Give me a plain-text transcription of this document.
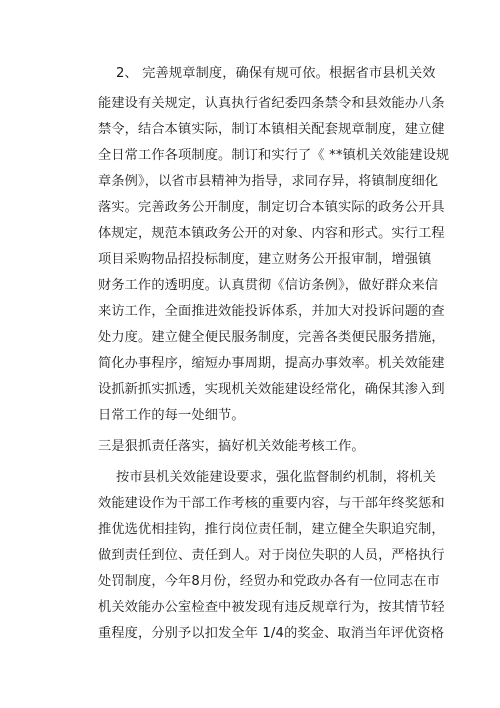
2、 完善规章制度，确保有规可依。根据省市县机关效
能建设有关规定，认真执行省纪委四条禁令和县效能办八条
禁令，结合本镇实际，制订本镇相关配套规章制度，建立健
全日常工作各项制度。制订和实行了《 **镇机关效能建设规
章条例》，以省市县精神为指导，求同存异，将镇制度细化
落实。完善政务公开制度，制定切合本镇实际的政务公开具
体规定，规范本镇政务公开的对象、内容和形式。实行工程
项目采购物品招投标制度，建立财务公开报审制，增强镇
财务工作的透明度。认真贯彻《信访条例》，做好群众来信
来访工作，全面推进效能投诉体系，并加大对投诉问题的查
处力度。建立健全便民服务制度，完善各类便民服务措施，
简化办事程序，缩短办事周期，提高办事效率。机关效能建
设抓新抓实抓透，实现机关效能建设经常化，确保其渗入到
日常工作的每一处细节。
三是狠抓责任落实，搞好机关效能考核工作。
按市县机关效能建设要求，强化监督制约机制，将机关
效能建设作为干部工作考核的重要内容，与干部年终奖惩和
推优选优相挂钩，推行岗位责任制，建立健全失职追究制，
做到责任到位、责任到人。对于岗位失职的人员，严格执行
处罚制度，今年8月份，经贸办和党政办各有一位同志在市
机关效能办公室检查中被发现有违反规章行为，按其情节轻
重程度，分别予以扣发全年 1/4的奖金、取消当年评优资格
